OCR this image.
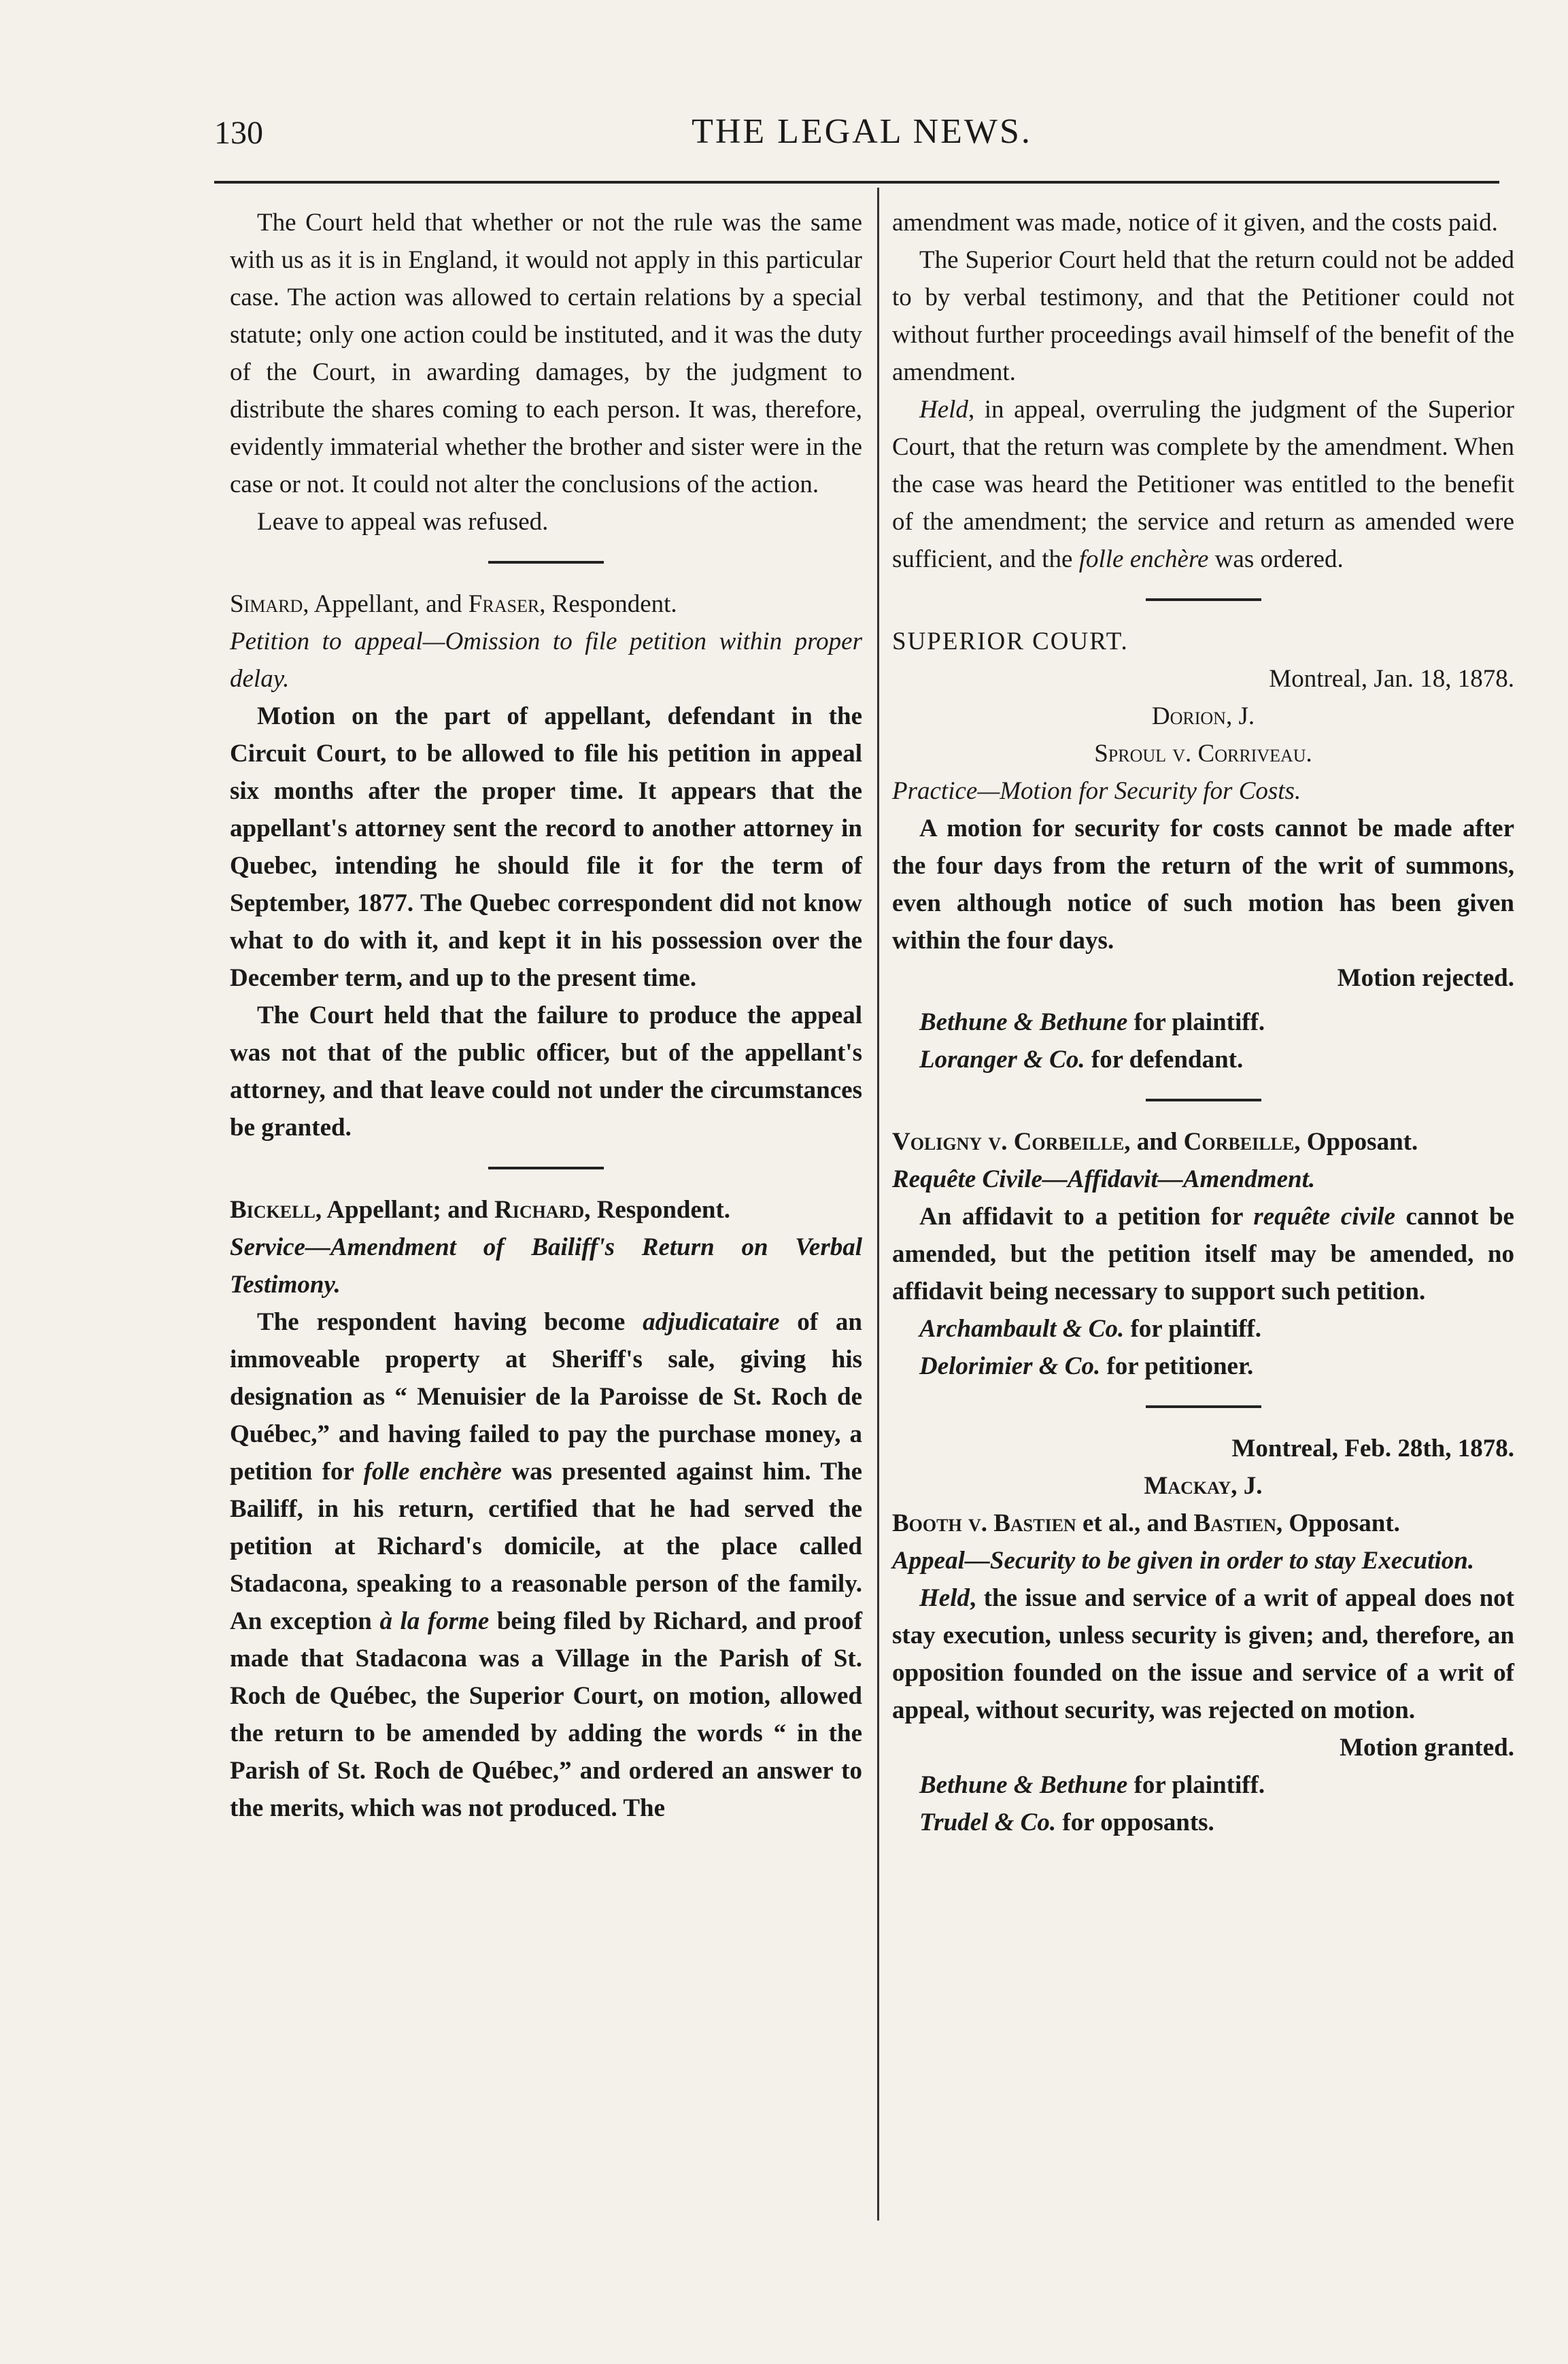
130	THE LEGAL NEWS.

The Court held that whether or not the rule was the same with us as it is in England, it would not apply in this particular case. The action was allowed to certain relations by a special statute; only one action could be instituted, and it was the duty of the Court, in awarding damages, by the judgment to distribute the shares coming to each person. It was, therefore, evidently immaterial whether the brother and sister were in the case or not. It could not alter the conclusions of the action.

Leave to appeal was refused.

Simard, Appellant, and Fraser, Respondent.

Petition to appeal—Omission to file petition within proper delay.

Motion on the part of appellant, defendant in the Circuit Court, to be allowed to file his petition in appeal six months after the proper time. It appears that the appellant's attorney sent the record to another attorney in Quebec, intending he should file it for the term of September, 1877. The Quebec correspondent did not know what to do with it, and kept it in his possession over the December term, and up to the present time.

The Court held that the failure to produce the appeal was not that of the public officer, but of the appellant's attorney, and that leave could not under the circumstances be granted.

Bickell, Appellant; and Richard, Respondent.

Service—Amendment of Bailiff's Return on Verbal Testimony.

The respondent having become adjudicataire of an immoveable property at Sheriff's sale, giving his designation as “ Menuisier de la Paroisse de St. Roch de Québec,” and having failed to pay the purchase money, a petition for folle enchère was presented against him. The Bailiff, in his return, certified that he had served the petition at Richard's domicile, at the place called Stadacona, speaking to a reasonable person of the family. An exception à la forme being filed by Richard, and proof made that Stadacona was a Village in the Parish of St. Roch de Québec, the Superior Court, on motion, allowed the return to be amended by adding the words “ in the Parish of St. Roch de Québec,” and ordered an answer to the merits, which was not produced. The

amendment was made, notice of it given, and the costs paid.

The Superior Court held that the return could not be added to by verbal testimony, and that the Petitioner could not without further proceedings avail himself of the benefit of the amendment.

Held, in appeal, overruling the judgment of the Superior Court, that the return was complete by the amendment. When the case was heard the Petitioner was entitled to the benefit of the amendment; the service and return as amended were sufficient, and the folle enchère was ordered.

SUPERIOR COURT.

Montreal, Jan. 18, 1878.

Dorion, J.

Sproul v. Corriveau.

Practice—Motion for Security for Costs.

A motion for security for costs cannot be made after the four days from the return of the writ of summons, even although notice of such motion has been given within the four days.

Motion rejected.

Bethune & Bethune for plaintiff.

Loranger & Co. for defendant.

Voligny v. Corbeille, and Corbeille, Opposant.

Requête Civile—Affidavit—Amendment.

An affidavit to a petition for requête civile cannot be amended, but the petition itself may be amended, no affidavit being necessary to support such petition.

Archambault & Co. for plaintiff.

Delorimier & Co. for petitioner.

Montreal, Feb. 28th, 1878.

Mackay, J.

Booth v. Bastien et al., and Bastien, Opposant.

Appeal—Security to be given in order to stay Execution.

Held, the issue and service of a writ of appeal does not stay execution, unless security is given; and, therefore, an opposition founded on the issue and service of a writ of appeal, without security, was rejected on motion.

Motion granted.

Bethune & Bethune for plaintiff.

Trudel & Co. for opposants.
